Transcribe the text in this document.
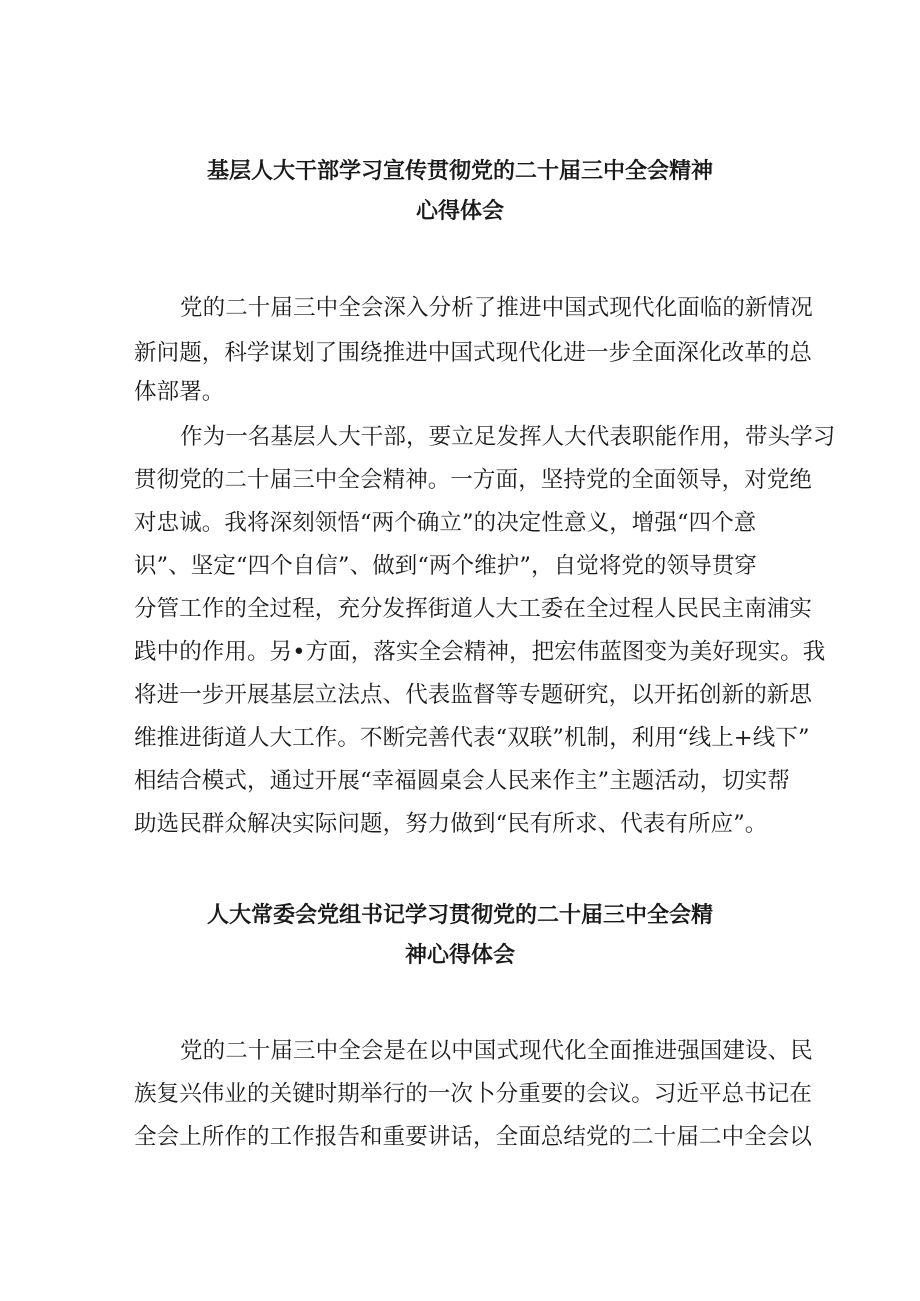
基层人大干部学习宣传贯彻党的二十届三中全会精神
心得体会
党的二十届三中全会深入分析了推进中国式现代化面临的新情况
新问题，科学谋划了围绕推进中国式现代化进一步全面深化改革的总
体部署。
作为一名基层人大干部，要立足发挥人大代表职能作用，带头学习
贯彻党的二十届三中全会精神。一方面，坚持党的全面领导，对党绝
对忠诚。我将深刻领悟“两个确立”的决定性意义，增强“四个意
识”、坚定“四个自信”、做到“两个维护”，自觉将党的领导贯穿
分管工作的全过程，充分发挥街道人大工委在全过程人民民主南浦实
践中的作用。另•方面，落实全会精神，把宏伟蓝图变为美好现实。我
将进一步开展基层立法点、代表监督等专题研究，以开拓创新的新思
维推进街道人大工作。不断完善代表“双联”机制，利用“线上+线下”
相结合模式，通过开展“幸福圆桌会人民来作主”主题活动，切实帮
助选民群众解决实际问题，努力做到“民有所求、代表有所应”。
人大常委会党组书记学习贯彻党的二十届三中全会精
神心得体会
党的二十届三中全会是在以中国式现代化全面推进强国建设、民
族复兴伟业的关键时期举行的一次卜分重要的会议。习近平总书记在
全会上所作的工作报告和重要讲话，全面总结党的二十届二中全会以
